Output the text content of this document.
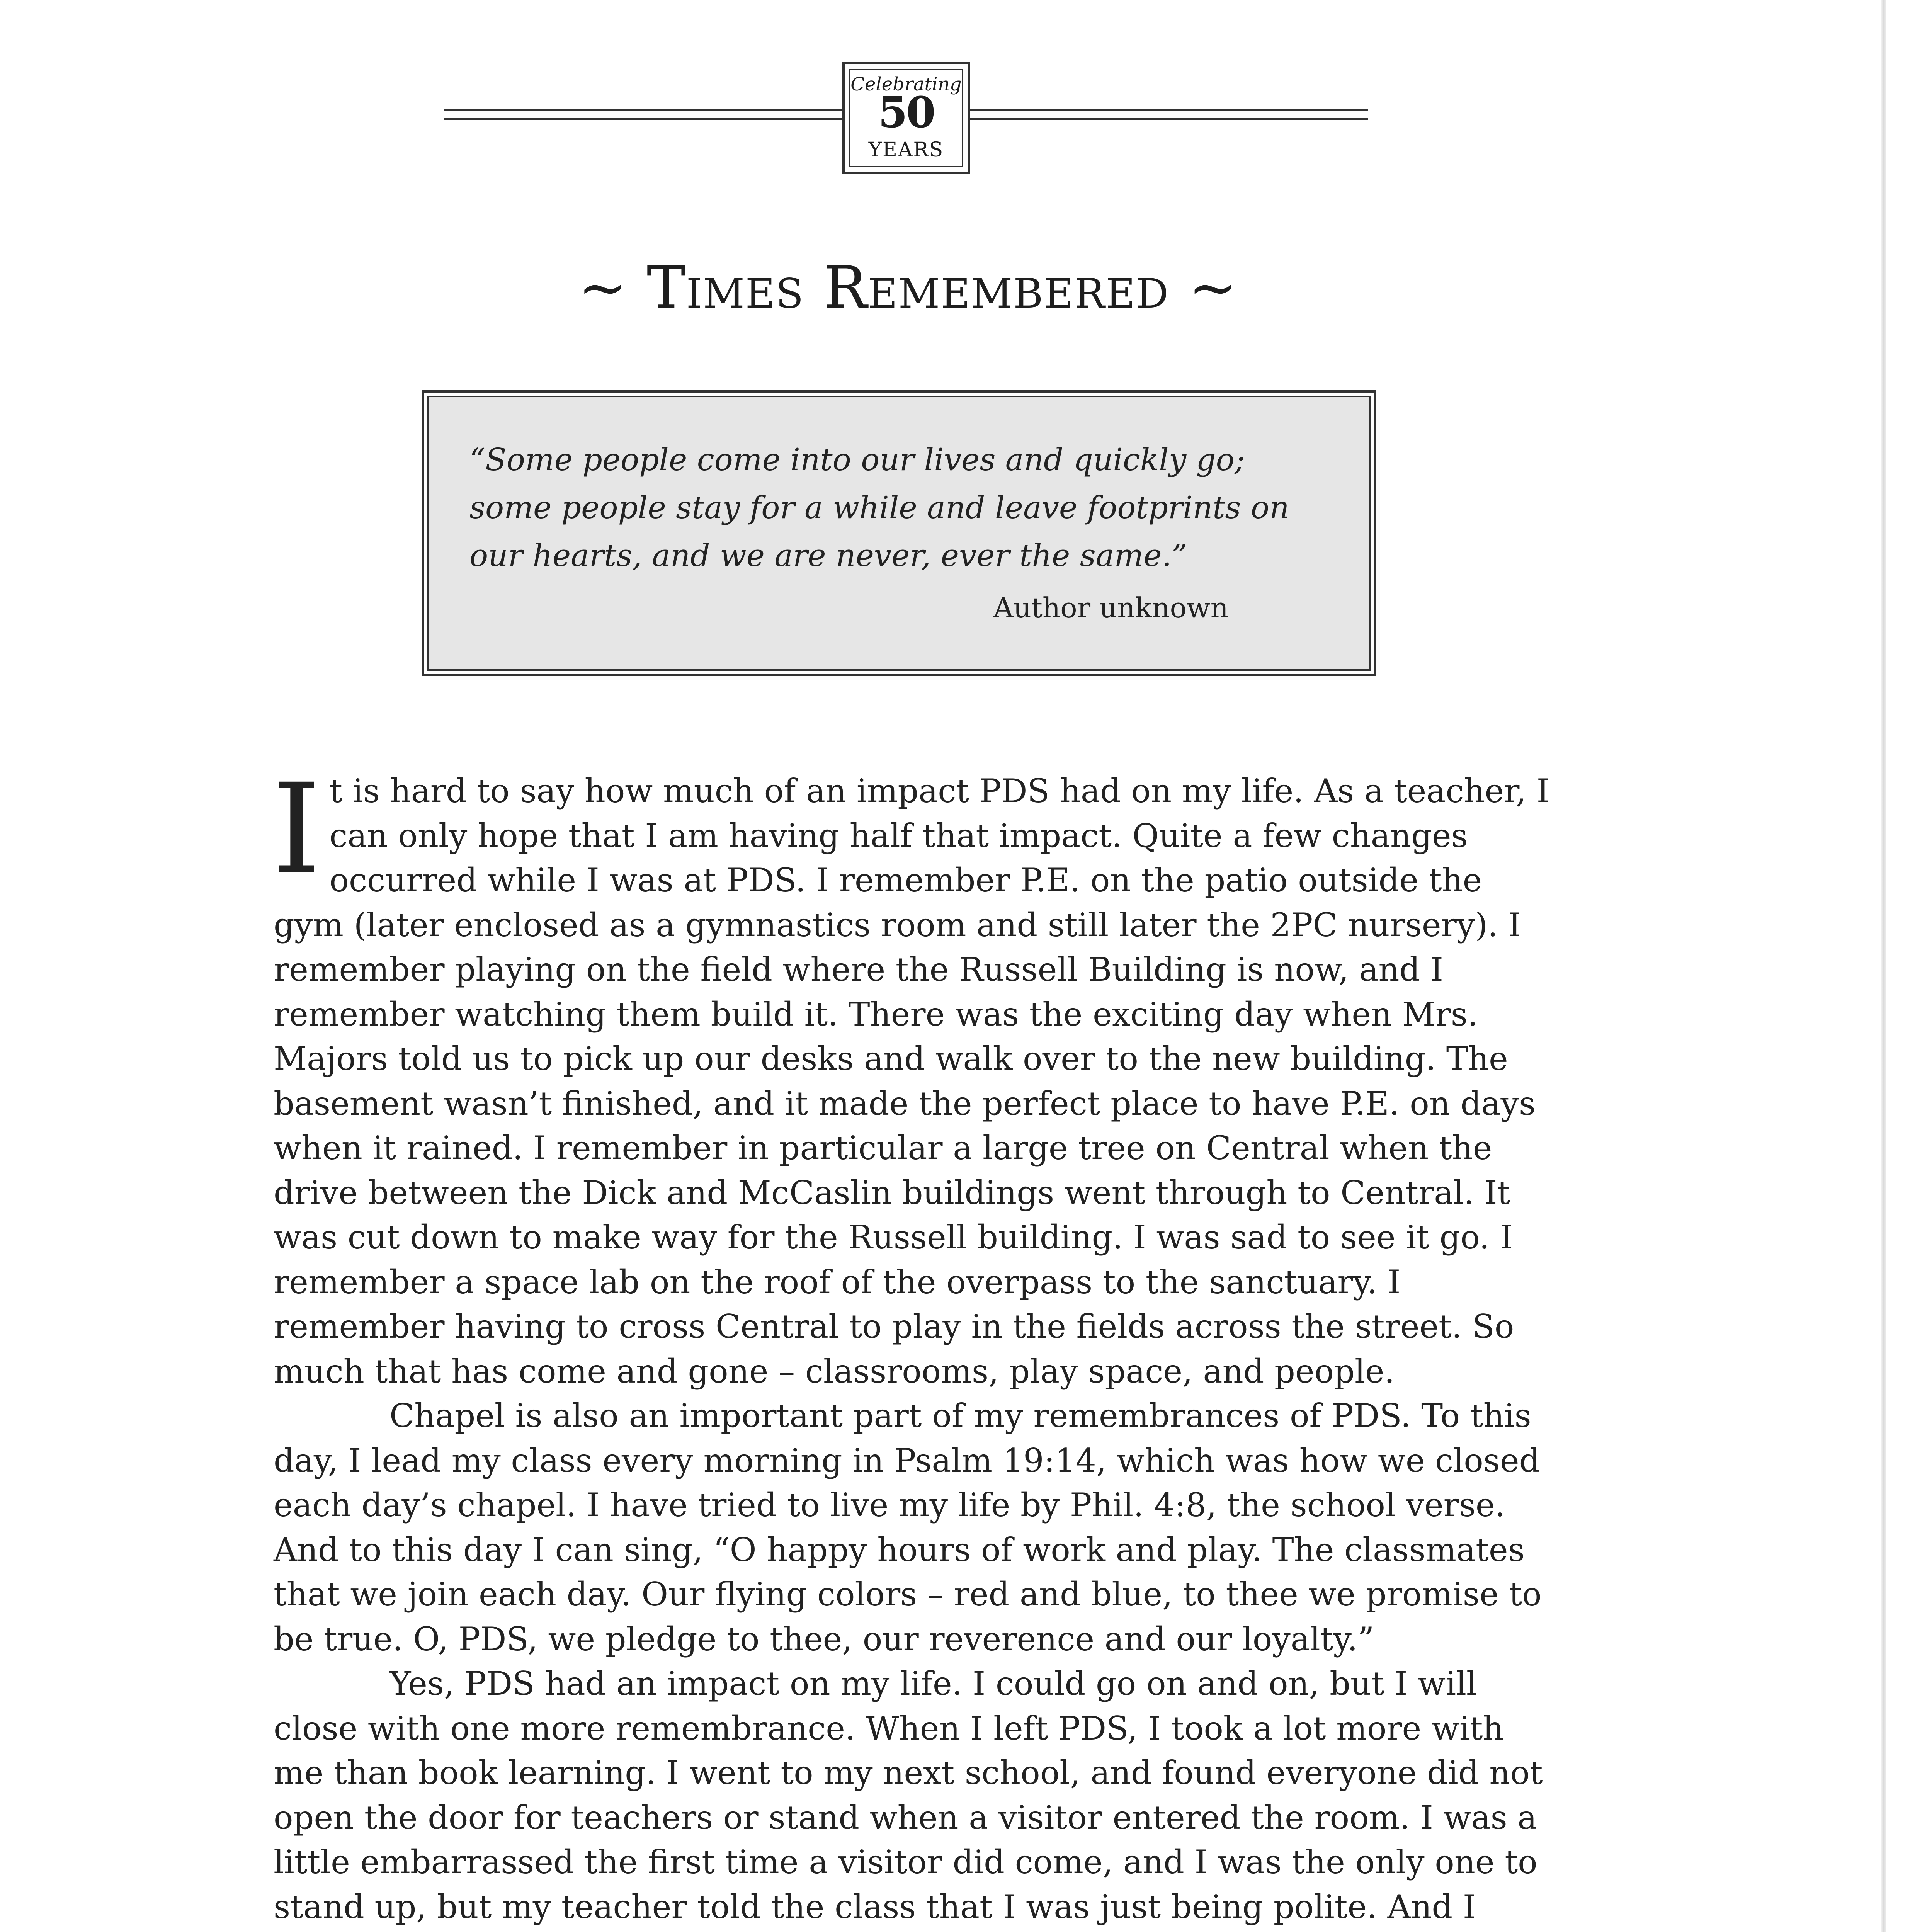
Celebrating
50
YEARS
~ Times Remembered ~
“Some people come into our lives and quickly go; some people stay for a while and leave footprints on our hearts, and we are never, ever the same.”
Author unknown

It is hard to say how much of an impact PDS had on my life. As a teacher, I can only hope that I am having half that impact. Quite a few changes occurred while I was at PDS. I remember P.E. on the patio outside the gym (later enclosed as a gymnastics room and still later the 2PC nursery). I remember playing on the field where the Russell Building is now, and I remember watching them build it. There was the exciting day when Mrs. Majors told us to pick up our desks and walk over to the new building. The basement wasn’t finished, and it made the perfect place to have P.E. on days when it rained. I remember in particular a large tree on Central when the drive between the Dick and McCaslin buildings went through to Central. It was cut down to make way for the Russell building. I was sad to see it go. I remember a space lab on the roof of the overpass to the sanctuary. I remember having to cross Central to play in the fields across the street. So much that has come and gone – classrooms, play space, and people.

Chapel is also an important part of my remembrances of PDS. To this day, I lead my class every morning in Psalm 19:14, which was how we closed each day’s chapel. I have tried to live my life by Phil. 4:8, the school verse. And to this day I can sing, “O happy hours of work and play. The classmates that we join each day. Our flying colors – red and blue, to thee we promise to be true. O, PDS, we pledge to thee, our reverence and our loyalty.”

Yes, PDS had an impact on my life. I could go on and on, but I will close with one more remembrance. When I left PDS, I took a lot more with me than book learning. I went to my next school, and found everyone did not open the door for teachers or stand when a visitor entered the room. I was a little embarrassed the first time a visitor did come, and I was the only one to stand up, but my teacher told the class that I was just being polite. And I
